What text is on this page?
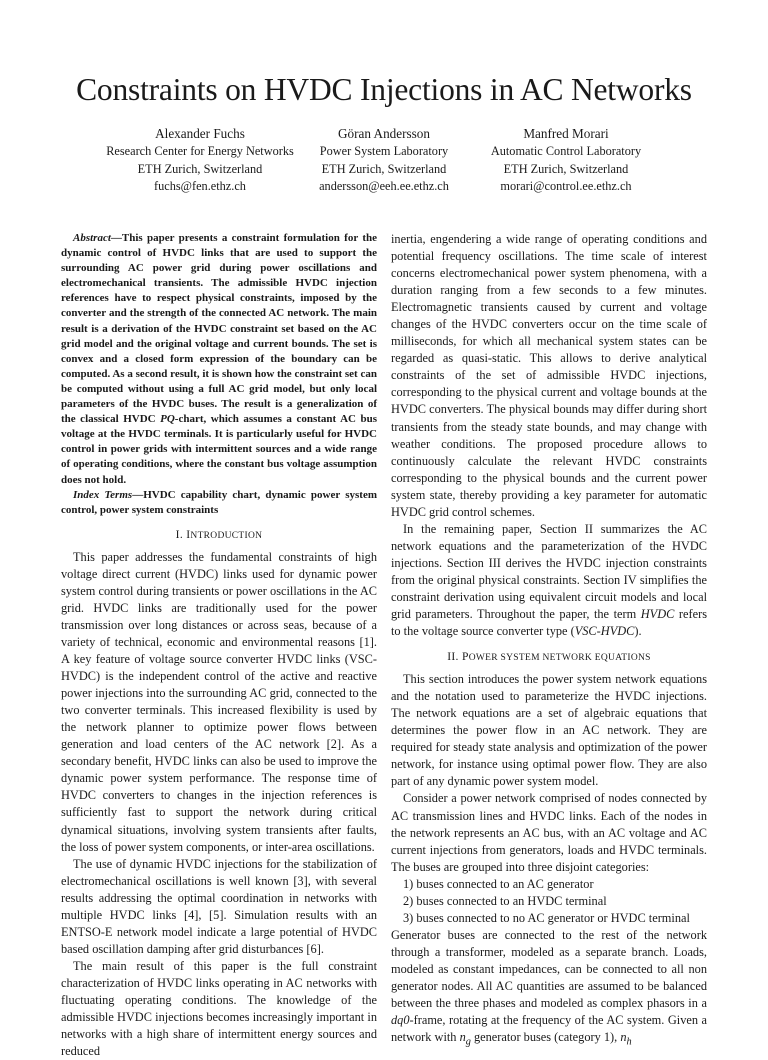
Constraints on HVDC Injections in AC Networks
Alexander Fuchs
Research Center for Energy Networks
ETH Zurich, Switzerland
fuchs@fen.ethz.ch
Göran Andersson
Power System Laboratory
ETH Zurich, Switzerland
andersson@eeh.ee.ethz.ch
Manfred Morari
Automatic Control Laboratory
ETH Zurich, Switzerland
morari@control.ee.ethz.ch

Abstract—This paper presents a constraint formulation for the dynamic control of HVDC links that are used to support the surrounding AC power grid during power oscillations and electromechanical transients. The admissible HVDC injection references have to respect physical constraints, imposed by the converter and the strength of the connected AC network. The main result is a derivation of the HVDC constraint set based on the AC grid model and the original voltage and current bounds. The set is convex and a closed form expression of the boundary can be computed. As a second result, it is shown how the constraint set can be computed without using a full AC grid model, but only local parameters of the HVDC buses. The result is a generalization of the classical HVDC PQ-chart, which assumes a constant AC bus voltage at the HVDC terminals. It is particularly useful for HVDC control in power grids with intermittent sources and a wide range of operating conditions, where the constant bus voltage assumption does not hold.

Index Terms—HVDC capability chart, dynamic power system control, power system constraints

I. INTRODUCTION

This paper addresses the fundamental constraints of high voltage direct current (HVDC) links used for dynamic power system control during transients or power oscillations in the AC grid. HVDC links are traditionally used for the power transmission over long distances or across seas, because of a variety of technical, economic and environmental reasons [1]. A key feature of voltage source converter HVDC links (VSC-HVDC) is the independent control of the active and reactive power injections into the surrounding AC grid, connected to the two converter terminals. This increased flexibility is used by the network planner to optimize power flows between generation and load centers of the AC network [2]. As a secondary benefit, HVDC links can also be used to improve the dynamic power system performance. The response time of HVDC converters to changes in the injection references is sufficiently fast to support the network during critical dynamical situations, involving system transients after faults, the loss of power system components, or inter-area oscillations.

The use of dynamic HVDC injections for the stabilization of electromechanical oscillations is well known [3], with several results addressing the optimal coordination in networks with multiple HVDC links [4], [5]. Simulation results with an ENTSO-E network model indicate a large potential of HVDC based oscillation damping after grid disturbances [6].

The main result of this paper is the full constraint characterization of HVDC links operating in AC networks with fluctuating operating conditions. The knowledge of the admissible HVDC injections becomes increasingly important in networks with a high share of intermittent energy sources and reduced

inertia, engendering a wide range of operating conditions and potential frequency oscillations. The time scale of interest concerns electromechanical power system phenomena, with a duration ranging from a few seconds to a few minutes. Electromagnetic transients caused by current and voltage changes of the HVDC converters occur on the time scale of milliseconds, for which all mechanical system states can be regarded as quasi-static. This allows to derive analytical constraints of the set of admissible HVDC injections, corresponding to the physical current and voltage bounds at the HVDC converters. The physical bounds may differ during short transients from the steady state bounds, and may change with weather conditions. The proposed procedure allows to continuously calculate the relevant HVDC constraints corresponding to the physical bounds and the current power system state, thereby providing a key parameter for automatic HVDC grid control schemes.

In the remaining paper, Section II summarizes the AC network equations and the parameterization of the HVDC injections. Section III derives the HVDC injection constraints from the original physical constraints. Section IV simplifies the constraint derivation using equivalent circuit models and local grid parameters. Throughout the paper, the term HVDC refers to the voltage source converter type (VSC-HVDC).

II. POWER SYSTEM NETWORK EQUATIONS

This section introduces the power system network equations and the notation used to parameterize the HVDC injections. The network equations are a set of algebraic equations that determines the power flow in an AC network. They are required for steady state analysis and optimization of the power network, for instance using optimal power flow. They are also part of any dynamic power system model.

Consider a power network comprised of nodes connected by AC transmission lines and HVDC links. Each of the nodes in the network represents an AC bus, with an AC voltage and AC current injections from generators, loads and HVDC terminals. The buses are grouped into three disjoint categories:

1) buses connected to an AC generator
2) buses connected to an HVDC terminal
3) buses connected to no AC generator or HVDC terminal

Generator buses are connected to the rest of the network through a transformer, modeled as a separate branch. Loads, modeled as constant impedances, can be connected to all non generator nodes. All AC quantities are assumed to be balanced between the three phases and modeled as complex phasors in a dq0-frame, rotating at the frequency of the AC system. Given a network with $n_g$ generator buses (category 1), $n_h$
